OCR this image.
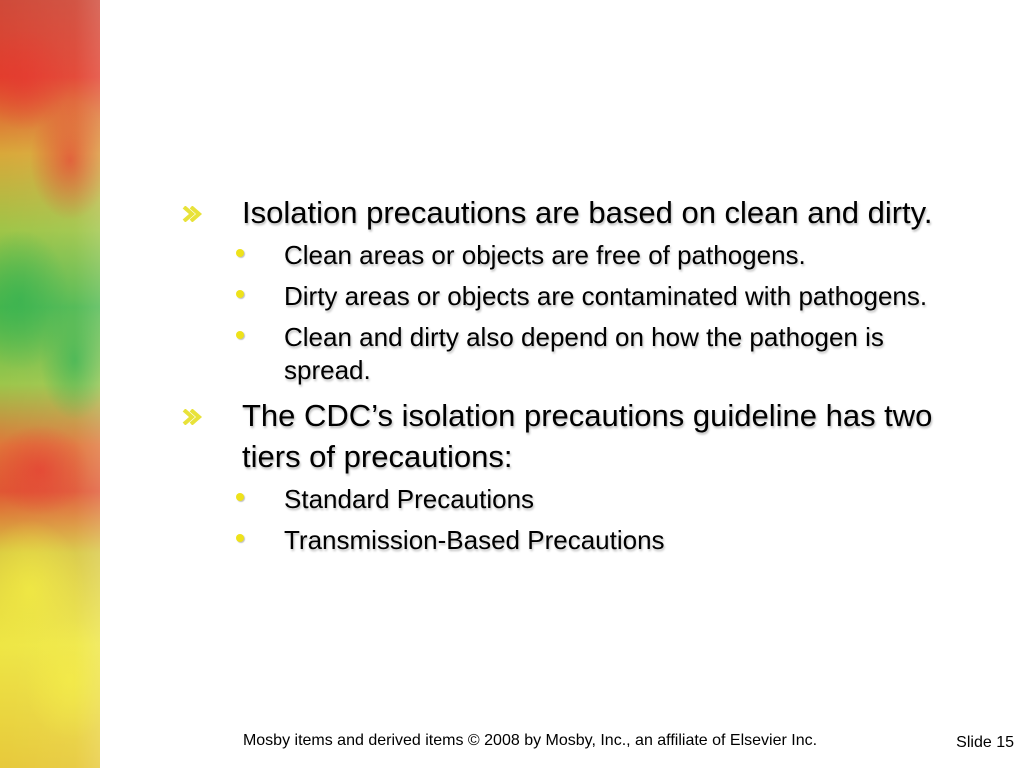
Isolation precautions are based on clean and dirty.
Clean areas or objects are free of pathogens.
Dirty areas or objects are contaminated with pathogens.
Clean and dirty also depend on how the pathogen is spread.
The CDC’s isolation precautions guideline has two tiers of precautions:
Standard Precautions
Transmission-Based Precautions
Mosby items and derived items © 2008 by Mosby, Inc., an affiliate of Elsevier Inc.	Slide 15
